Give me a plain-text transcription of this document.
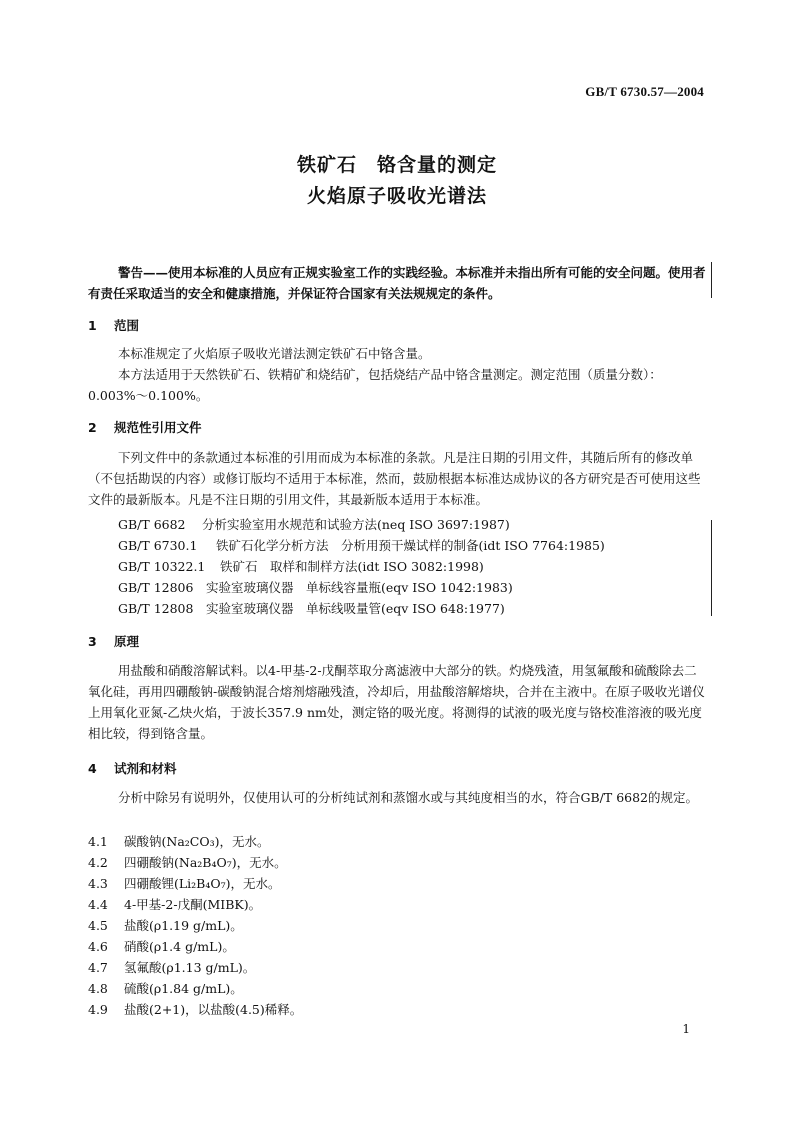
GB/T 6730.57—2004
铁矿石　铬含量的测定
火焰原子吸收光谱法
警告——使用本标准的人员应有正规实验室工作的实践经验。本标准并未指出所有可能的安全问题。使用者有责任采取适当的安全和健康措施，并保证符合国家有关法规规定的条件。
1 范围
本标准规定了火焰原子吸收光谱法测定铁矿石中铬含量。
本方法适用于天然铁矿石、铁精矿和烧结矿，包括烧结产品中铬含量测定。测定范围（质量分数）：0.003%～0.100%。
2 规范性引用文件
下列文件中的条款通过本标准的引用而成为本标准的条款。凡是注日期的引用文件，其随后所有的修改单（不包括勘误的内容）或修订版均不适用于本标准，然而，鼓励根据本标准达成协议的各方研究是否可使用这些文件的最新版本。凡是不注日期的引用文件，其最新版本适用于本标准。
GB/T 6682 分析实验室用水规范和试验方法(neq ISO 3697:1987)
GB/T 6730.1 铁矿石化学分析方法　分析用预干燥试样的制备(idt ISO 7764:1985)
GB/T 10322.1 铁矿石　取样和制样方法(idt ISO 3082:1998)
GB/T 12806 实验室玻璃仪器　单标线容量瓶(eqv ISO 1042:1983)
GB/T 12808 实验室玻璃仪器　单标线吸量管(eqv ISO 648:1977)
3 原理
用盐酸和硝酸溶解试料。以4-甲基-2-戊酮萃取分离滤液中大部分的铁。灼烧残渣，用氢氟酸和硫酸除去二氧化硅，再用四硼酸钠-碳酸钠混合熔剂熔融残渣，冷却后，用盐酸溶解熔块，合并在主液中。在原子吸收光谱仪上用氧化亚氮-乙炔火焰，于波长357.9 nm处，测定铬的吸光度。将测得的试液的吸光度与铬校准溶液的吸光度相比较，得到铬含量。
4 试剂和材料
分析中除另有说明外，仅使用认可的分析纯试剂和蒸馏水或与其纯度相当的水，符合GB/T 6682的规定。
4.1 碳酸钠(Na₂CO₃)，无水。
4.2 四硼酸钠(Na₂B₄O₇)，无水。
4.3 四硼酸锂(Li₂B₄O₇)，无水。
4.4 4-甲基-2-戊酮(MIBK)。
4.5 盐酸(ρ1.19 g/mL)。
4.6 硝酸(ρ1.4 g/mL)。
4.7 氢氟酸(ρ1.13 g/mL)。
4.8 硫酸(ρ1.84 g/mL)。
4.9 盐酸(2+1)，以盐酸(4.5)稀释。
1
